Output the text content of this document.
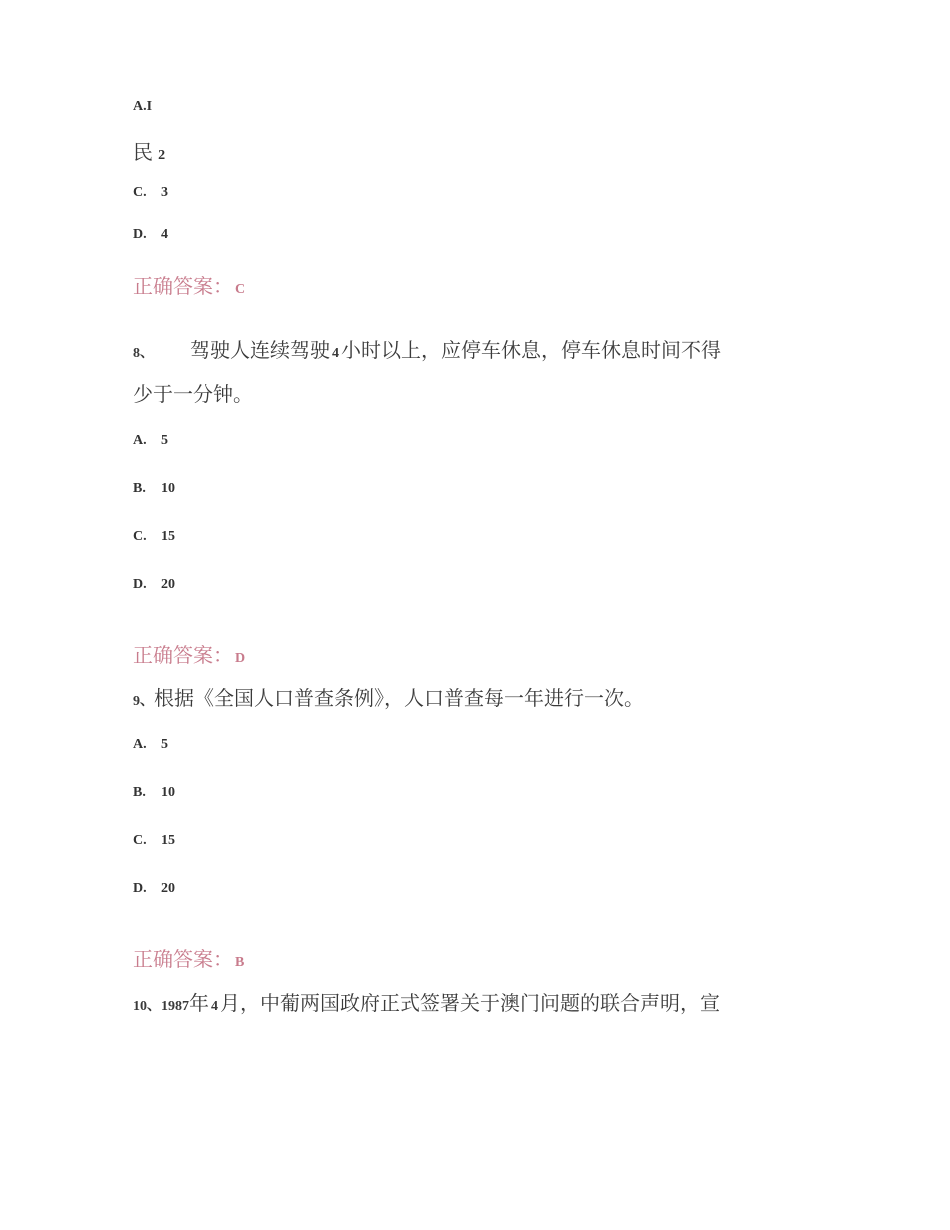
A.I
民 2
C. 3
D. 4
正确答案： C
8、 驾驶人连续驾驶 4 小时以上，应停车休息，停车休息时间不得
少于一分钟。
A. 5
B. 10
C. 15
D. 20
正确答案： D
9、根据《全国人口普查条例》，人口普查每一年进行一次。
A. 5
B. 10
C. 15
D. 20
正确答案： B
10、1987年 4 月，中葡两国政府正式签署关于澳门问题的联合声明，宣
